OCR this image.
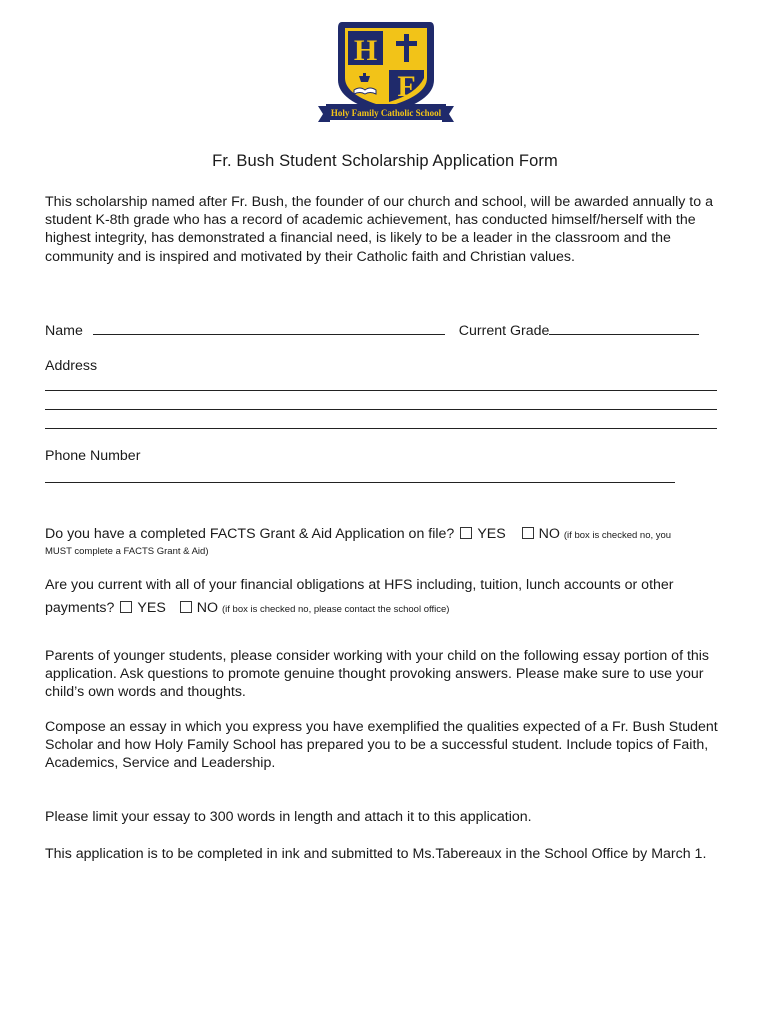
H
F
Holy Family Catholic School
Fr. Bush Student Scholarship Application Form
This scholarship named after Fr. Bush, the founder of our church and school, will be awarded annually to a student K-8th grade who has a record of academic achievement, has conducted himself/herself with the highest integrity, has demonstrated a financial need, is likely to be a leader in the classroom and the community and is inspired and motivated by their Catholic faith and Christian values.
Name	Current Grade
Address
Phone Number
Do you have a completed FACTS Grant & Aid Application on file? YES NO (if box is checked no, you
MUST complete a FACTS Grant & Aid)
Are you current with all of your financial obligations at HFS including, tuition, lunch accounts or other
payments? YES NO (if box is checked no, please contact the school office)
Parents of younger students, please consider working with your child on the following essay portion of this application. Ask questions to promote genuine thought provoking answers. Please make sure to use your child’s own words and thoughts.
Compose an essay in which you express you have exemplified the qualities expected of a Fr. Bush Student Scholar and how Holy Family School has prepared you to be a successful student. Include topics of Faith, Academics, Service and Leadership.
Please limit your essay to 300 words in length and attach it to this application.
This application is to be completed in ink and submitted to Ms.Tabereaux in the School Office by March 1.
